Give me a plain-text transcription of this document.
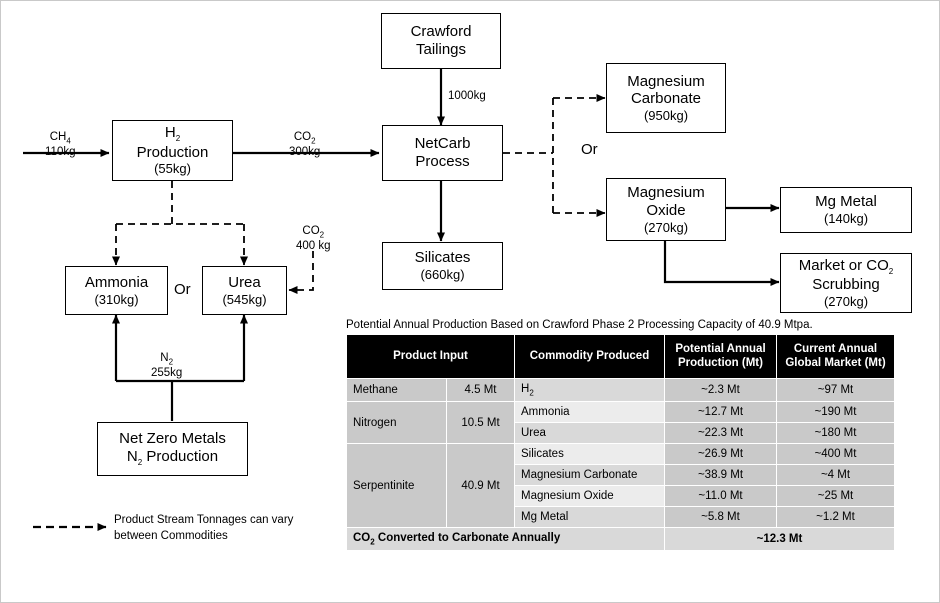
Crawford
Tailings
$H_2$
Production
(55kg)
NetCarb
Process
Silicates
(660kg)
Magnesium
Carbonate
(950kg)
Magnesium
Oxide
(270kg)
Mg Metal
(140kg)
Market or $CO_2$
Scrubbing
(270kg)
Ammonia
(310kg)
Urea
(545kg)
Net Zero Metals
$N_2$ Production
$CH_4$
110kg
$CO_2$
300kg
1000kg
$CO_2$
400 kg
$N_2$
255kg
Or
Or
Product Stream Tonnages can vary between Commodities
Potential Annual Production Based on Crawford Phase 2 Processing Capacity of 40.9 Mtpa.
Product Input		Commodity Produced	Potential Annual Production (Mt)	Current Annual Global Market (Mt)
Methane	4.5 Mt	$H_2$	~2.3 Mt	~97 Mt
Nitrogen	10.5 Mt	Ammonia	~12.7 Mt	~190 Mt
		Urea	~22.3 Mt	~180 Mt
Serpentinite	40.9 Mt	Silicates	~26.9 Mt	~400 Mt
		Magnesium Carbonate	~38.9 Mt	~4 Mt
		Magnesium Oxide	~11.0 Mt	~25 Mt
		Mg Metal	~5.8 Mt	~1.2 Mt
$CO_2$ Converted to Carbonate Annually			~12.3 Mt	
